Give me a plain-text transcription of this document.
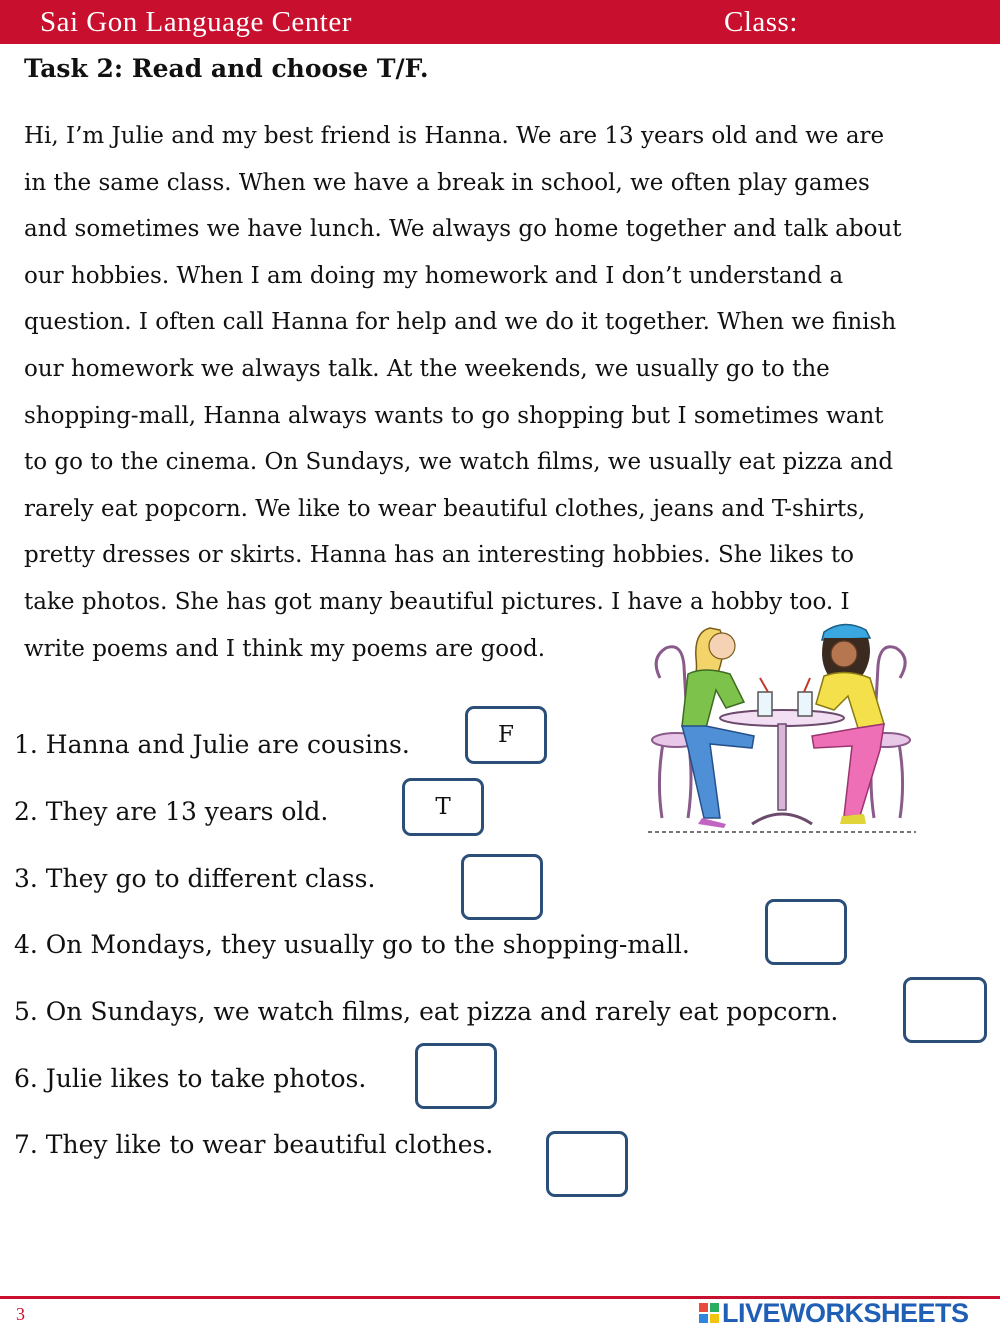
Sai Gon Language Center	Class:
Task 2: Read and choose T/F.
Hi, I’m Julie and my best friend is Hanna. We are 13 years old and we are
in the same class. When we have a break in school, we often play games
and sometimes we have lunch. We always go home together and talk about
our hobbies. When I am doing my homework and I don’t understand a
question. I often call Hanna for help and we do it together. When we finish
our homework we always talk. At the weekends, we usually go to the
shopping-mall, Hanna always wants to go shopping but I sometimes want
to go to the cinema. On Sundays, we watch films, we usually eat pizza and
rarely eat popcorn. We like to wear beautiful clothes, jeans and T-shirts,
pretty dresses or skirts. Hanna has an interesting hobbies. She likes to
take photos. She has got many beautiful pictures. I have a hobby too. I
write poems and I think my poems are good.
1. Hanna and Julie are cousins.	F
2. They are 13 years old.	T
3. They go to different class.
4. On Mondays, they usually go to the shopping-mall.
5. On Sundays, we watch films, eat pizza and rarely eat popcorn.
6. Julie likes to take photos.
7. They like to wear beautiful clothes.
3	LIVEWORKSHEETS
